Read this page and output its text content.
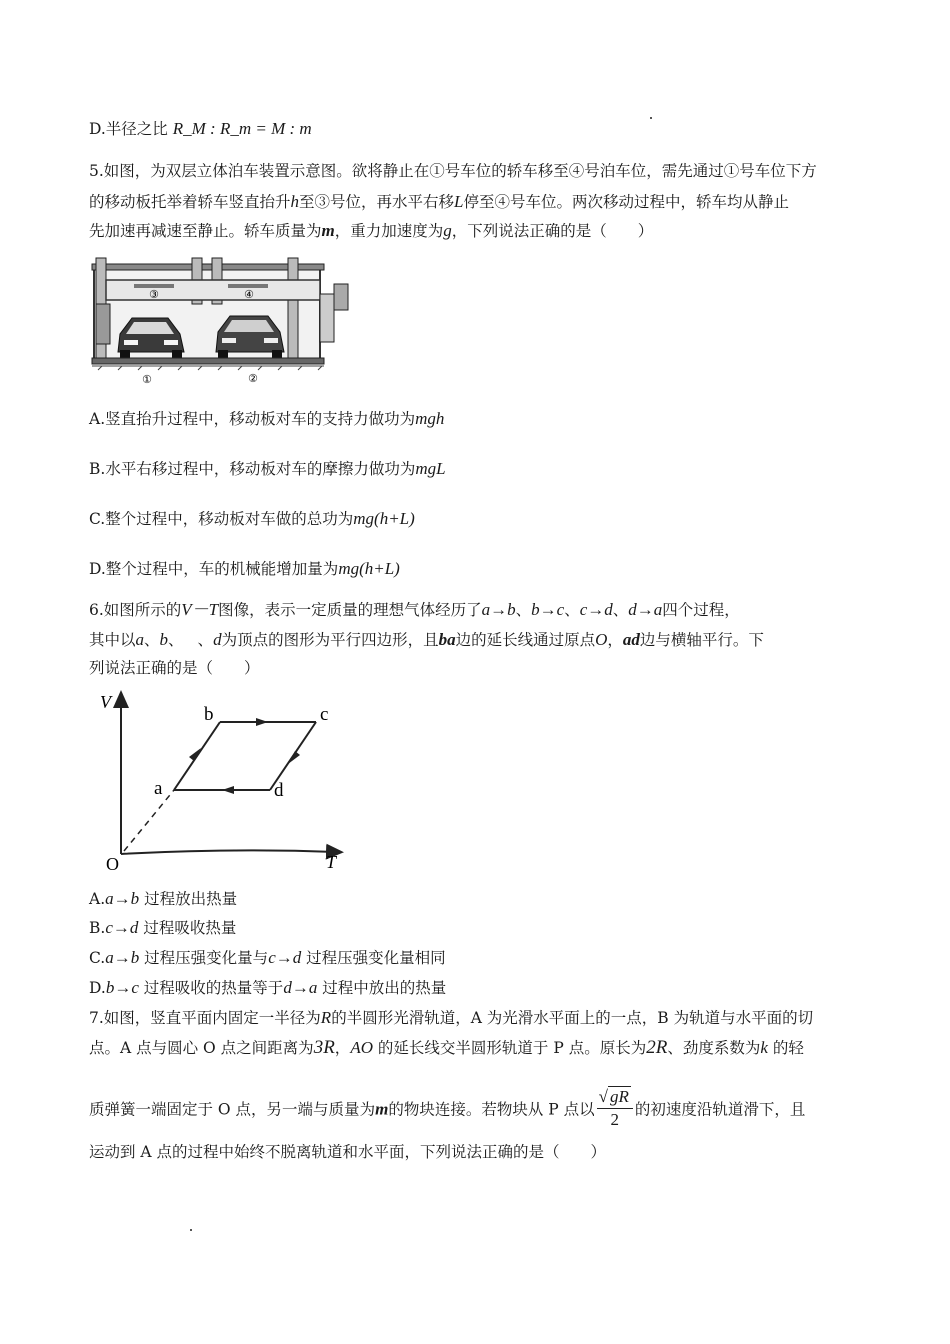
D.半径之比 R_M : R_m = M : m
5.如图，为双层立体泊车装置示意图。欲将静止在①号车位的轿车移至④号泊车位，需先通过①号车位下方
的移动板托举着轿车竖直抬升h至③号位，再水平右移L停至④号车位。两次移动过程中，轿车均从静止
先加速再减速至静止。轿车质量为m，重力加速度为g，下列说法正确的是（　　）
③	④
①	②
A.竖直抬升过程中，移动板对车的支持力做功为mgh
B.水平右移过程中，移动板对车的摩擦力做功为mgL
C.整个过程中，移动板对车做的总功为mg(h+L)
D.整个过程中，车的机械能增加量为mg(h+L)
6.如图所示的V－T图像，表示一定质量的理想气体经历了a→b、b→c、c→d、d→a四个过程，
其中以a、b、 、d为顶点的图形为平行四边形，且ba边的延长线通过原点O，ad边与横轴平行。下
列说法正确的是（　　）
V
T
O
a
b	c
d
A.a→b 过程放出热量
B.c→d 过程吸收热量
C.a→b 过程压强变化量与c→d 过程压强变化量相同
D.b→c 过程吸收的热量等于d→a 过程中放出的热量
7.如图，竖直平面内固定一半径为R的半圆形光滑轨道，A 为光滑水平面上的一点，B 为轨道与水平面的切
点。A 点与圆心 O 点之间距离为3R，AO 的延长线交半圆形轨道于 P 点。原长为2R、劲度系数为k 的轻
质弹簧一端固定于 O 点，另一端与质量为m的物块连接。若物块从 P 点以 $\frac{√ gR}{2}$ 的初速度沿轨道滑下，且
运动到 A 点的过程中始终不脱离轨道和水平面，下列说法正确的是（　　）
